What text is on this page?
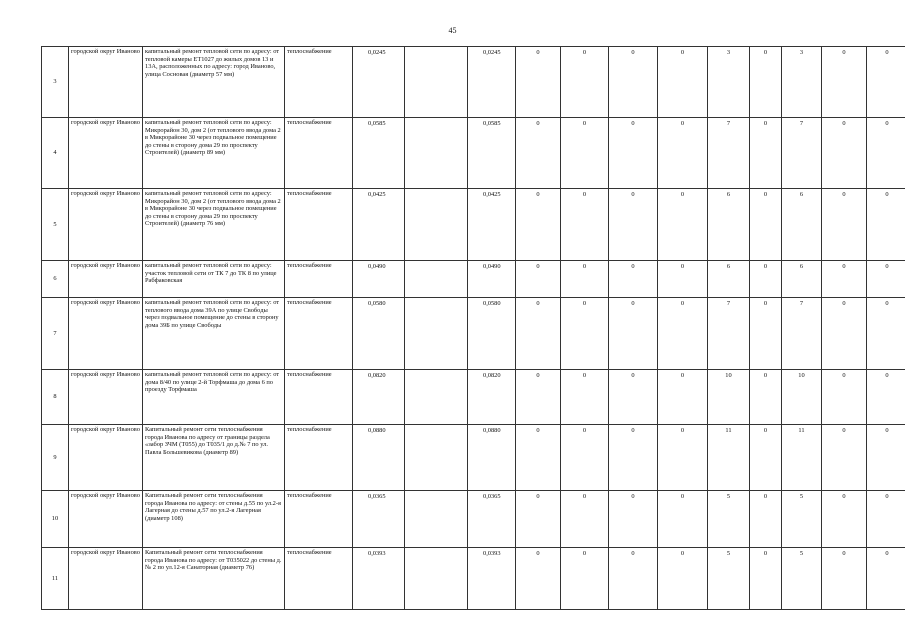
45
3	городской округ Иваново	капитальный ремонт тепловой сети по адресу: от тепловой камеры ЕТ1027 до жилых домов 13 и 13А, расположенных по адресу: город Иваново, улица Сосновая (диаметр 57 мм)	теплоснабжение	0,0245		0,0245	0	0	0	0	3	0	3	0	0
4	городской округ Иваново	капитальный ремонт тепловой сети по адресу: Микрорайон 30, дом 2 (от теплового ввода дома 2 в Микрорайоне 30 через подвальное помещение до стены в сторону дома 29 по проспекту Строителей) (диаметр 89 мм)	теплоснабжение	0,0585		0,0585	0	0	0	0	7	0	7	0	0
5	городской округ Иваново	капитальный ремонт тепловой сети по адресу: Микрорайон 30, дом 2 (от теплового ввода дома 2 в Микрорайоне 30 через подвальное помещение до стены в сторону дома 29 по проспекту Строителей) (диаметр 76 мм)	теплоснабжение	0,0425		0,0425	0	0	0	0	6	0	6	0	0
6	городской округ Иваново	капитальный ремонт тепловой сети по адресу: участок тепловой сети от ТК 7 до ТК 8 по улице Рабфаковская	теплоснабжение	0,0490		0,0490	0	0	0	0	6	0	6	0	0
7	городской округ Иваново	капитальный ремонт тепловой сети по адресу: от теплового ввода дома 39А по улице Свободы через подвальное помещение до стены в сторону дома 39Б по улице Свободы	теплоснабжение	0,0580		0,0580	0	0	0	0	7	0	7	0	0
8	городской округ Иваново	капитальный ремонт тепловой сети по адресу: от дома 8/40 по улице 2-й Торфмаша до дома 6 по проезду Торфмаша	теплоснабжение	0,0820		0,0820	0	0	0	0	10	0	10	0	0
9	городской округ Иваново	Капитальный ремонт сети теплоснабжения города Иванова по адресу от границы раздела «забор ЗЧМ (Т055) до Т035/1 до д.№ 7 по ул. Павла Большевикова (диаметр 89)	теплоснабжение	0,0880		0,0880	0	0	0	0	11	0	11	0	0
10	городской округ Иваново	Капитальный ремонт сети теплоснабжения города Иванова по адресу: от стены д.55 по ул.2-я Лагерная до стены д.57 по ул.2-я Лагерная (диаметр 108)	теплоснабжение	0,0365		0,0365	0	0	0	0	5	0	5	0	0
11	городской округ Иваново	Капитальный ремонт сети теплоснабжения города Иванова по адресу: от Т035022 до стены д. № 2 по ул.12-я Санаторная (диаметр 76)	теплоснабжение	0,0393		0,0393	0	0	0	0	5	0	5	0	0
